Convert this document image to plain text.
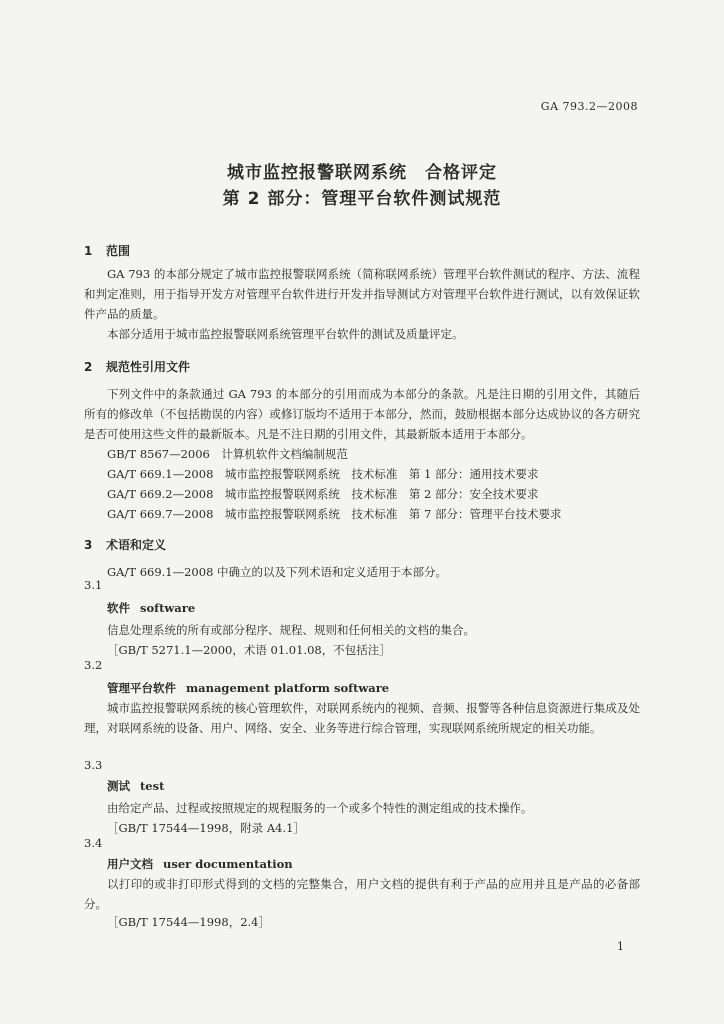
GA 793.2—2008
城市监控报警联网系统　合格评定
第 2 部分：管理平台软件测试规范
1 范围
GA 793 的本部分规定了城市监控报警联网系统（简称联网系统）管理平台软件测试的程序、方法、流程和判定准则，用于指导开发方对管理平台软件进行开发并指导测试方对管理平台软件进行测试，以有效保证软件产品的质量。
本部分适用于城市监控报警联网系统管理平台软件的测试及质量评定。
2 规范性引用文件
下列文件中的条款通过 GA 793 的本部分的引用而成为本部分的条款。凡是注日期的引用文件，其随后所有的修改单（不包括勘误的内容）或修订版均不适用于本部分，然而，鼓励根据本部分达成协议的各方研究是否可使用这些文件的最新版本。凡是不注日期的引用文件，其最新版本适用于本部分。
GB/T 8567—2006　计算机软件文档编制规范
GA/T 669.1—2008　城市监控报警联网系统　技术标准　第 1 部分：通用技术要求
GA/T 669.2—2008　城市监控报警联网系统　技术标准　第 2 部分：安全技术要求
GA/T 669.7—2008　城市监控报警联网系统　技术标准　第 7 部分：管理平台技术要求
3 术语和定义
GA/T 669.1—2008 中确立的以及下列术语和定义适用于本部分。
3.1
软件 software
信息处理系统的所有或部分程序、规程、规则和任何相关的文档的集合。
［GB/T 5271.1—2000，术语 01.01.08，不包括注］
3.2
管理平台软件 management platform software
城市监控报警联网系统的核心管理软件，对联网系统内的视频、音频、报警等各种信息资源进行集成及处理，对联网系统的设备、用户、网络、安全、业务等进行综合管理，实现联网系统所规定的相关功能。
3.3
测试 test
由给定产品、过程或按照规定的规程服务的一个或多个特性的测定组成的技术操作。
［GB/T 17544—1998，附录 A4.1］
3.4
用户文档 user documentation
以打印的或非打印形式得到的文档的完整集合，用户文档的提供有利于产品的应用并且是产品的必备部分。
［GB/T 17544—1998，2.4］
1
